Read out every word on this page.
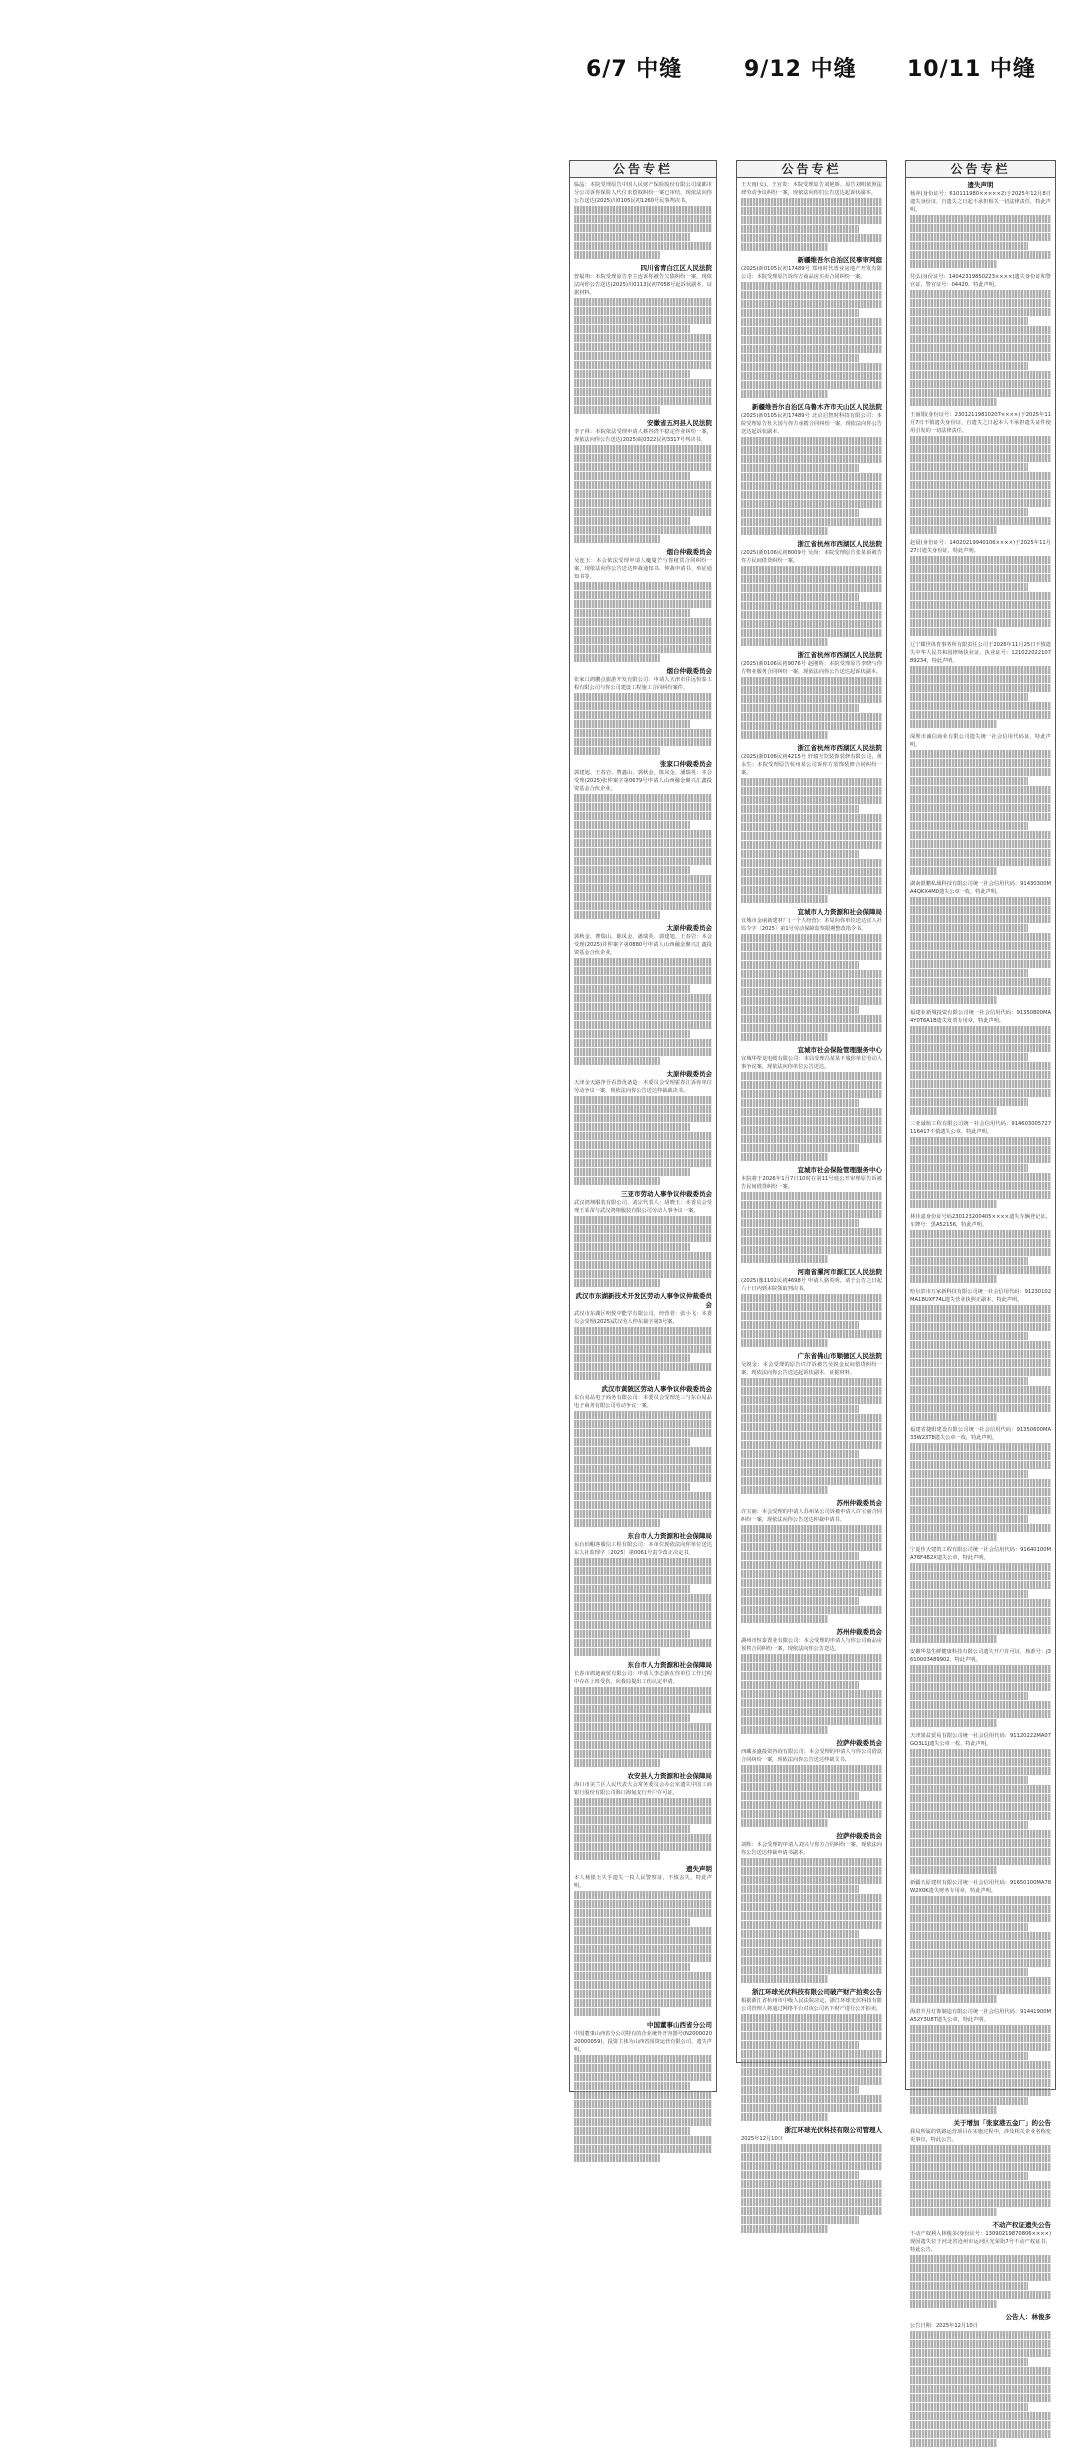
6/7 中缝	9/12 中缝 10/11 中缝
公告专栏
临晶：本院受理原告中国人民财产保险股份有限公司成都市分公司诉你保险人代位求偿权纠纷一案已审结，现依法向你公告送达(2025)川0105民初1260号民事判决书。
四川省青白江区人民法院
曾福翔：本院受理原告李主连诉你被告欠债纠纷一案，现依法向你公告送达(2025)川0113民初7058号起诉状副本、证据材料。
安徽省五河县人民法院
李子林：本院依法受理申请人蔡谷湾不稳定作业纠纷一案，现依法向你公告送达(2025)皖0322民初3317号判决书。
烟台仲裁委员会
吴连玉：本会依法受理申请人魔蔓芒与你租赁合同纠纷一案，现依法向你公告送达仲裁通知书、仲裁申请书、举证通知书等。
烟台仲裁委员会
张家口鸿鹏点旅游开发有限公司：申请人天津市住远恒泰工程有限公司与你公司建设工程施工合同纠纷案件。
张家口仲裁委员会
郭建旭、王春岩、曹鑫山、郭秋金、陈凤金、潘瑞英：本会受理(2025)张仲案字第0679号申请人山西融金聚兴汇鑫投资基金合伙企业。
太原仲裁委员会
郭秋金、曹瑞山、陈凤金、潘瑞英、郭建旭、王春岩：本会受理(2025)并仲案字第0880号申请人山西融金聚兴汇鑫投资基金合伙企业。
太原仲裁委员会
天津金天路净吾看置优备造：本委员会受理霍春江诉你单位劳动争议一案，现依法向你公告送达仲裁裁决书。
三亚市劳动人事争议仲裁委员会
武汉鸿翔服装有限公司、刘宗代表人：胡晓玉：本委员会受理王某苗与武汉鸿翔服装有限公司劳动人事争议一案。
武汉市东湖新技术开发区劳动人事争议仲裁委员会
武汉市东湖区明悦中能学有限公司、经营者：张小飞：本委员会受理(2025)武汉劳人仲东裁字第3号案。
武汉市黄陂区劳动人事争议仲裁委员会
东台易品电子商务有限公司：本委员会受理范三与东台易品电子商务有限公司劳动争议一案。
东台市人力资源和社会保障局
东台佰帽客服信工程有限公司：本单位现依法向你单位送达东人社监理字〔2025〕第0061号责令改正决定书。
东台市人力资源和社会保障局
长春市鸿迪商贸有限公司：申请人李志新在你单位工作过程中存在上班受伤，向我局提出工伤认定申请。
农安县人力资源和社会保障局
海口市美兰区人民代表大会常务委员会办公室遗失中国工商银行股份有限公司海口海甸支行开户许可证。
遗失声明
本人杨银玉失手遗失一枚人民警察证，不慎丢失，特此声明。
中国董事山西省分公司
中国董事山西省分公司特有的企业统外开容器号(N200002020000059)，投资主体为山西省国资运营有限公司，遗失声明。
公告专栏
王天雨(女)、王官贵：本院受理原告刘艳娇、原告刘明依照法律劳动争议纠纷一案，现依法向你们公告送达起诉状副本。
新疆维吾尔自治区民事审判庭
(2025)新0105民初17489号 郑州时代置业房地产开发有限公司：本院受理原告诉你方商品房买卖合同纠纷一案。
新疆维吾尔自治区乌鲁木齐市天山区人民法院
(2025)新0105民初17489号 北京启智时科技有限公司：本院受理原告杜大国与你方承揽合同纠纷一案，现依法向你公告送达起诉状副本。
浙江省杭州市西湖区人民法院
(2025)浙0106民初8009号 吴尚：本院受理原告张某诉被告你方民间借贷纠纷一案。
浙江省杭州市西湖区人民法院
(2025)浙0106民初9076号 赵刚辉：本院受理原告李晓与你方物业服务合同纠纷一案，现依法向你公告送达起诉状副本。
浙江省杭州市西湖区人民法院
(2025)浙0106民初4215号 轩辕互饮装饰装修有限公司、黄永生：本院受理原告杭州某公司诉你方装饰装修合同纠纷一案。
宜城市人力资源和社会保障局
宜城市金丽新建材厂(一个人经营)：本局向你单位送达宜人社监令字〔2025〕第1号劳动保障监察限期整改指令书。
宜城市社会保险管理服务中心
宜城华犁龙电缆有限公司：本局受理冯某某不服你单位劳动人事争议案，现依法向你单位公告送达。
宜城市社会保险管理服务中心
本院将于2026年1月7日10时在第11号庭公开审理原告诉被告民间借贷纠纷一案。
河南省漯河市源汇区人民法院
(2025)豫1102民初4698号 申请人骆英明，请于公告之日起六十日内到本院领取判决书。
广东省佛山市顺德区人民法院
吴锐金：本会受理的原告许洋诉被告吴锐金民间借贷纠纷一案，现依法向你公告送达起诉状副本、证据材料。
苏州仲裁委员会
许宝丽：本会受理的申请人苏州某公司诉被申请人许宝丽合同纠纷一案，现依法向你公告送达仲裁申请书。
苏州仲裁委员会
湖州市恒泰置业有限公司：本会受理的申请人与你公司商品房预售合同纠纷一案，现依法向你公告送达。
拉萨仲裁委员会
西藏多盛投资咨询有限公司：本会受理的申请人与你公司借款合同纠纷一案，现依法向你公告送达仲裁文书。
拉萨仲裁委员会
刘辉：本会受理的申请人刘兴与你方合同纠纷一案，现依法向你公告送达仲裁申请书副本。
浙江环球光伏科技有限公司破产财产拍卖公告
根据浙江省杭州市中级人民法院决定，浙江环球光伏科技有限公司管理人将通过网络平台对该公司名下财产进行公开拍卖。
浙江环球光伏科技有限公司管理人
2025年12月10日
公告专栏
遗失声明
杨萍(身份证号：610111980×××××2)于2025年12月8日遗失身份证，自遗失之日起不承担相关一切法律责任，特此声明。
付弘(身份证号：14042319850223××××)遗失身份证和警官证，警官证号：04420，特此声明。
王丽娟(身份证号：23012119810207××××)于2025年11月7日不慎遗失身份证，自遗失之日起本人不承担遗失证件使用引发的一切法律责任。
赵晨(身份证号：14020219940106××××)于2025年11月27日遗失身份证，特此声明。
辽宁耀世体育事务所有限责任公司于2026年11月25日不慎遗失中华人民共和国律师执业证，执业证号：12102202210789234，特此声明。
深圳市诚信商业有限公司遗失统一社会信用代码证，特此声明。
湖南银鹏私域科技有限公司统一社会信用代码：91430300MA4QKX4M0遗失公章一枚，特此声明。
福建业新城投资有限公司统一社会信用代码：91350800MA4Y0T6A1B遗失发票专用章，特此声明。
三亚诚航工程有限公司统一社会信用代码：914603005727116417不慎遗失公章，特此声明。
林佳嘉身份证号码230123200405××××遗失车辆登记证，车牌号：黑A52156，特此声明。
哈尔滨市万家新科技有限公司统一社会信用代码：91230102MA1BUXF74L遗失营业执照正副本，特此声明。
福建省捷阳建设有限公司统一社会信用代码：91350600MA33W23T8遗失公章一枚，特此声明。
宁夏佳天建筑工程有限公司统一社会信用代码：91640100MA76F4B2X遗失公章，特此声明。
安徽华基生鲜健康科技有限公司遗失开户许可证，核准号：J3610003489902，特此声明。
天津果益贸易有限公司统一社会信用代码：91120222MA07GQ3L1J遗失公章一枚，特此声明。
新疆天原建材有限公司统一社会信用代码：91650100MA78W2X0K遗失财务专用章，特此声明。
海湛升月灯饰制造有限公司统一社会信用代码：91441900MA52Y3U8T遗失公章，特此声明。
关于增加「张家港五金厂」的公告
我局所属的铁路运营项目在实施过程中，涉及相关企业名称变更事宜，特此公告。
不动产权证遗失公告
不动产权利人林俊多(身份证号：13090219870806××××)现因遗失位于河北省沧州市运河区光荣街7号不动产权证书，特此公告。
公告人：林俊多
公告日期：2025年12月10日
